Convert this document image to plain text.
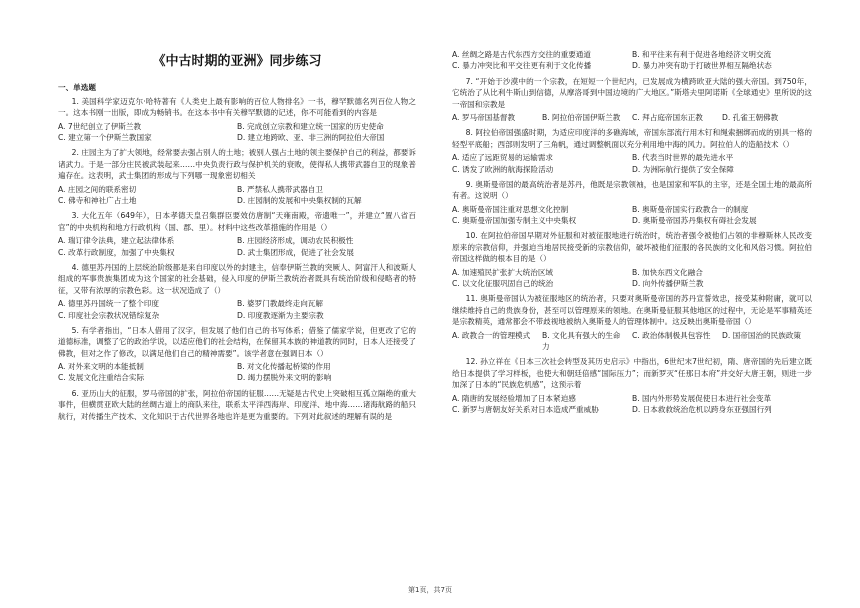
《中古时期的亚洲》同步练习
一、单选题
1. 美国科学家迈克尔·哈特著有《人类史上最有影响的百位人物排名》一书，穆罕默德名列百位人物之一。这本书刚一出版，即成为畅销书。在这本书中有关穆罕默德的记述，你不可能看到的内容是
A. 7世纪创立了伊斯兰教	B. 完成创立宗教和建立统一国家的历史使命
C. 建立第一个伊斯兰教国家	D. 建立地跨欧、亚、非三洲的阿拉伯大帝国
2. 庄园主为了扩大领地，经常要去强占别人的土地；被别人强占土地的领主要保护自己的利益，都要诉诸武力。于是一部分庄民被武装起来……中央负责行政与保护机关的衰败，使得私人携带武器自卫的现象普遍存在。这表明，武士集团的形成与下列哪一现象密切相关
A. 庄园之间的联系密切	B. 严禁私人携带武器自卫
C. 佛寺和神社广占土地	D. 庄园制的发展和中央集权制的瓦解
3. 大化五年（649年），日本孝德天皇召集群臣要效仿唐制“天雍南殿，帝遗唯一”，并建立“置八省百官”的中央机构和地方行政机构（国、郡、里）。材料中这些改革措施的作用是（）
A. 瑞订律令法典，建立起法律体系	B. 庄园经济形成，调动农民积极性
C. 改革行政制度，加强了中央集权	D. 武士集团形成，促进了社会发展
4. 德里苏丹国的上层统治阶级都是来自印度以外的封建主，信奉伊斯兰教的突厥人、阿富汗人和波斯人组成的军事贵族集团成为这个国家的社会基础，侵入印度的伊斯兰教统治者既具有统治阶级和侵略者的特征，又带有浓厚的宗教色彩。这一状况造成了（）
A. 德里苏丹国统一了整个印度	B. 婆罗门教最终走向瓦解
C. 印度社会宗教状况错综复杂	D. 印度教逐渐为主要宗教
5. 有学者指出，“日本人借用了汉字，但发展了他们自己的书写体系；借鉴了儒家学说，但更改了它的道德标准，调整了它的政治学说，以适应他们的社会结构，在保留其本族的神道教的同时，日本人还接受了佛教，但对之作了修改，以满足他们自己的精神需要”。该学者意在强调日本（）
A. 对外来文明的本能抵制	B. 对文化传播起桥梁的作用
C. 发展文化注重结合实际	D. 竭力摆脱外来文明的影响
6. 亚历山大的征服，罗马帝国的扩张，阿拉伯帝国的征服……无疑是古代史上突破相互孤立隔绝的重大事件，但横贯亚欧大陆的丝绸古道上的商队来往，联系太平洋西海岸、印度洋、地中海……诸海航路的船只航行，对传播生产技术、文化知识于古代世界各地也许是更为重要的。下列对此叙述的理解有误的是
A. 丝绸之路是古代东西方交往的重要通道	B. 和平往来有利于促进各地经济文明交流
C. 暴力冲突比和平交往更有利于文化传播	D. 暴力冲突有助于打破世界相互隔绝状态
7. “开始于沙漠中的一个宗教，在短短一个世纪内，已发展成为横跨欧亚大陆的强大帝国。到750年，它统治了从比利牛斯山到信德，从摩洛哥到中国边境的广大地区。”斯塔夫里阿诺斯《全球通史》里所说的这一帝国和宗教是
A. 罗马帝国基督教	B. 阿拉伯帝国伊斯兰教	C. 拜占庭帝国东正教	D. 孔雀王朝佛教
8. 阿拉伯帝国强盛时期，为适应印度洋的多礁海域，帝国东部流行用木钉和绳索捆绑而成的别具一格的轻型平底船；西部则发明了三角帆，通过调整帆面以充分利用地中海的风力。阿拉伯人的造船技术（）
A. 适应了远距贸易的运输需求	B. 代表当时世界的最先进水平
C. 诱发了欧洲的航海探险活动	D. 为洲际航行提供了安全保障
9. 奥斯曼帝国的最高统治者是苏丹，他既是宗教领袖，也是国家和军队的主宰，还是全国土地的最高所有者。这说明（）
A. 奥斯曼帝国注重对思想文化控制	B. 奥斯曼帝国实行政教合一的制度
C. 奥斯曼帝国加强专制主义中央集权	D. 奥斯曼帝国苏丹集权有碍社会发展
10. 在阿拉伯帝国早期对外征服和对被征服地进行统治时，统治者强令被他们占领的非穆斯林人民改变原来的宗教信仰，并强迫当地居民接受新的宗教信仰，破坏被他们征服的各民族的文化和风俗习惯。阿拉伯帝国这样做的根本目的是（）
A. 加速殖民扩张扩大统治区域	B. 加快东西文化融合
C. 以文化征服巩固自己的统治	D. 向外传播伊斯兰教
11. 奥斯曼帝国认为被征服地区的统治者，只要对奥斯曼帝国的苏丹宣誓效忠，接受某种附庸，就可以继续维持自己的贵族身份，甚至可以管理原来的领地。在奥斯曼征服其他地区的过程中，无论是军事精英还是宗教精英，通常都会不带歧视地被纳入奥斯曼人的管理体制中。这反映出奥斯曼帝国（）
A. 政教合一的管理模式	B. 文化具有强大的生命力
C. 政治体制极具包容性	D. 国帝国治的民族政策
12. 孙立祥在《日本三次社会转型及其历史启示》中指出，6世纪末7世纪初，隋、唐帝国的先后建立既给日本提供了学习样板，也使大和朝廷倍感“国际压力”；而新罗灭“任那日本府”并交好大唐王朝，则进一步加深了日本的“民族危机感”，这预示着
A. 隋唐的发展经验增加了日本紧迫感	B. 国内外形势发展促使日本进行社会变革
C. 新罗与唐朝友好关系对日本造成严重威胁	D. 日本救救统治危机以跨身东亚强国行列
第1页，共7页
